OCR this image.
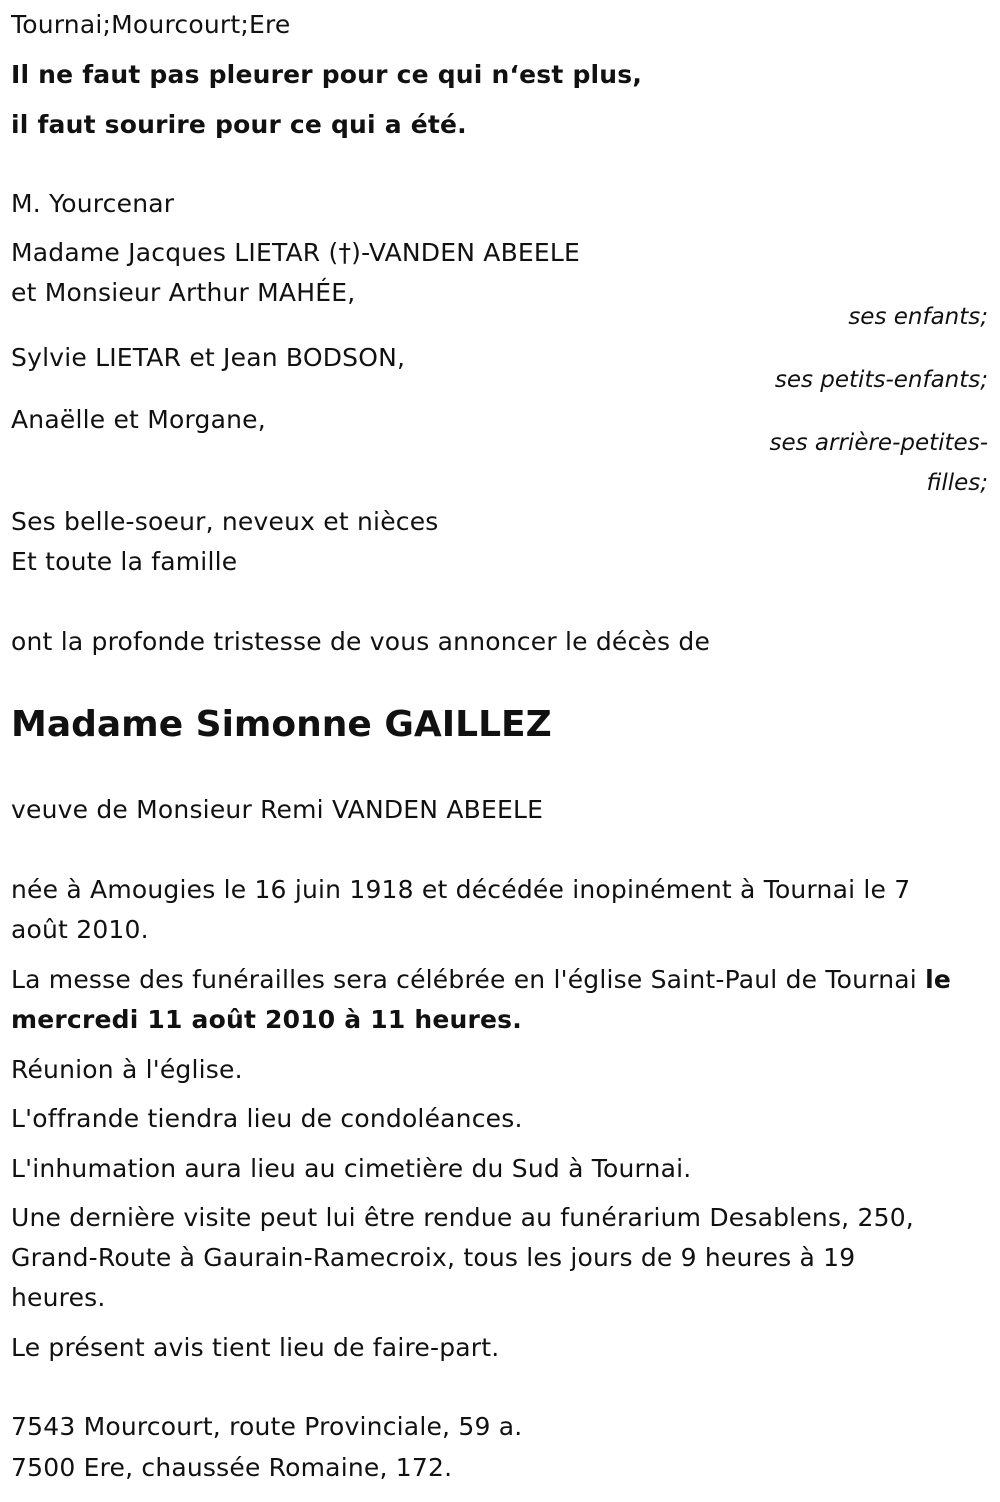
Tournai;Mourcourt;Ere
Il ne faut pas pleurer pour ce qui n‘est plus,
il faut sourire pour ce qui a été.
M. Yourcenar
Madame Jacques LIETAR (†)-VANDEN ABEELE
et Monsieur Arthur MAHÉE,
ses enfants;
Sylvie LIETAR et Jean BODSON,
ses petits-enfants;
Anaëlle et Morgane,
ses arrière-petites-
filles;
Ses belle-soeur, neveux et nièces
Et toute la famille
ont la profonde tristesse de vous annoncer le décès de
Madame Simonne GAILLEZ
veuve de Monsieur Remi VANDEN ABEELE
née à Amougies le 16 juin 1918 et décédée inopinément à Tournai le 7
août 2010.
La messe des funérailles sera célébrée en l'église Saint-Paul de Tournai le
mercredi 11 août 2010 à 11 heures.
Réunion à l'église.
L'offrande tiendra lieu de condoléances.
L'inhumation aura lieu au cimetière du Sud à Tournai.
Une dernière visite peut lui être rendue au funérarium Desablens, 250,
Grand-Route à Gaurain-Ramecroix, tous les jours de 9 heures à 19
heures.
Le présent avis tient lieu de faire-part.
7543 Mourcourt, route Provinciale, 59 a.
7500 Ere, chaussée Romaine, 172.
